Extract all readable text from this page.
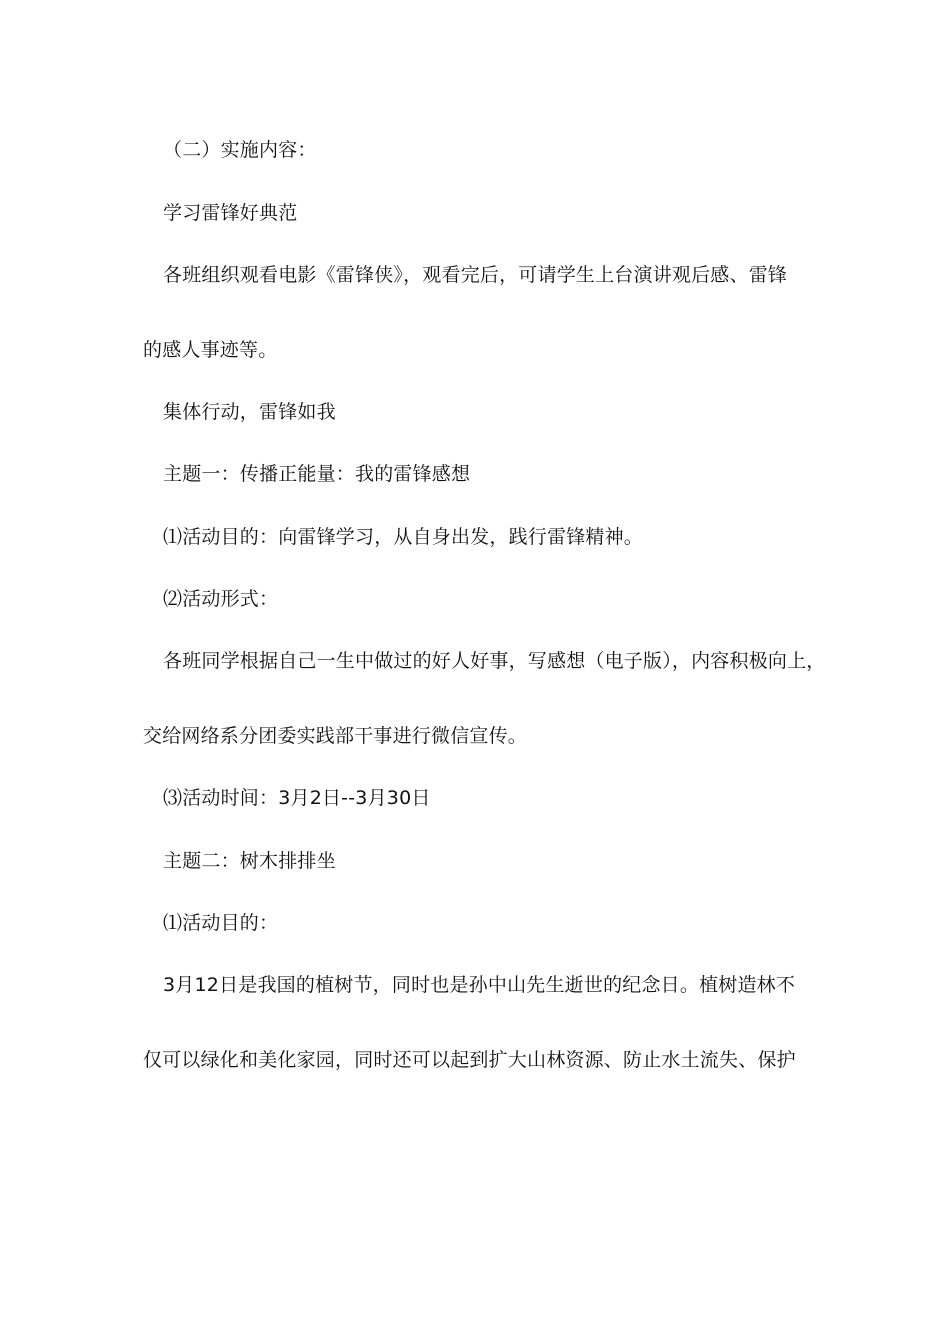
（二）实施内容：
学习雷锋好典范
各班组织观看电影《雷锋侠》，观看完后，可请学生上台演讲观后感、雷锋
的感人事迹等。
集体行动，雷锋如我
主题一：传播正能量：我的雷锋感想
⑴活动目的：向雷锋学习，从自身出发，践行雷锋精神。
⑵活动形式：
各班同学根据自己一生中做过的好人好事，写感想（电子版），内容积极向上，
交给网络系分团委实践部干事进行微信宣传。
⑶活动时间：3月2日--3月30日
主题二：树木排排坐
⑴活动目的：
3月12日是我国的植树节，同时也是孙中山先生逝世的纪念日。植树造林不
仅可以绿化和美化家园，同时还可以起到扩大山林资源、防止水土流失、保护
